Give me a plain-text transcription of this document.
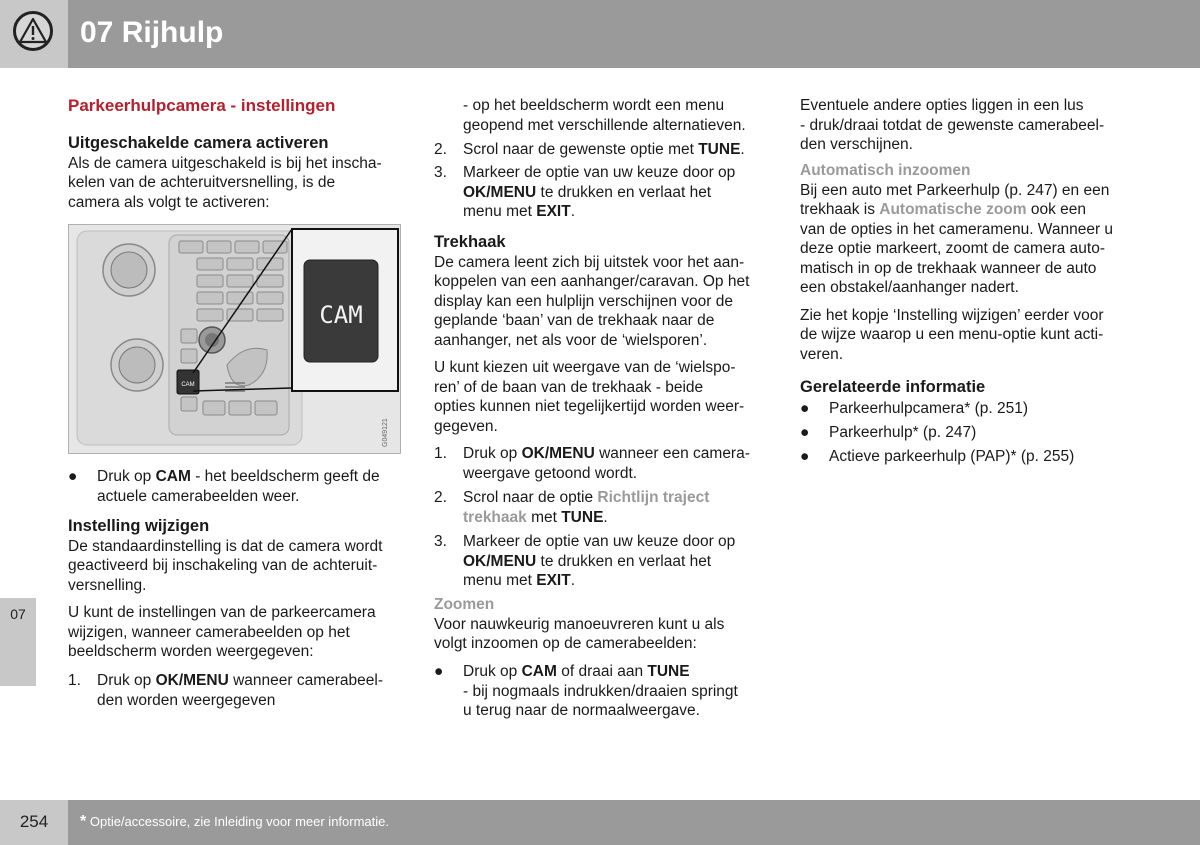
07 Rijhulp
07
254	* Optie/accessoire, zie Inleiding voor meer informatie.
Parkeerhulpcamera - instellingen
Uitgeschakelde camera activeren

Als de camera uitgeschakeld is bij het inscha-

kelen van de achteruitversnelling, is de

camera als volgt te activeren:

CAM
CAM
G049121
● Druk op CAM - het beeldscherm geeft de
actuele camerabeelden weer.
Instelling wijzigen

De standaardinstelling is dat de camera wordt

geactiveerd bij inschakeling van de achteruit-

versnelling.

U kunt de instellingen van de parkeercamera

wijzigen, wanneer camerabeelden op het

beeldscherm worden weergegeven:

1. Druk op OK/MENU wanneer camerabeel-
den worden weergegeven

- op het beeldscherm wordt een menu

geopend met verschillende alternatieven.

2. Scrol naar de gewenste optie met TUNE.
3. Markeer de optie van uw keuze door op
OK/MENU te drukken en verlaat het
menu met EXIT.
Trekhaak

De camera leent zich bij uitstek voor het aan-

koppelen van een aanhanger/caravan. Op het

display kan een hulplijn verschijnen voor de

geplande ‘baan’ van de trekhaak naar de

aanhanger, net als voor de ‘wielsporen’.

U kunt kiezen uit weergave van de ‘wielspo-

ren’ of de baan van de trekhaak - beide

opties kunnen niet tegelijkertijd worden weer-

gegeven.

1. Druk op OK/MENU wanneer een camera-
weergave getoond wordt.
2. Scrol naar de optie Richtlijn traject
trekhaak met TUNE.
3. Markeer de optie van uw keuze door op
OK/MENU te drukken en verlaat het
menu met EXIT.
Zoomen

Voor nauwkeurig manoeuvreren kunt u als

volgt inzoomen op de camerabeelden:

● Druk op CAM of draai aan TUNE
- bij nogmaals indrukken/draaien springt
u terug naar de normaalweergave.

Eventuele andere opties liggen in een lus

- druk/draai totdat de gewenste camerabeel-

den verschijnen.

Automatisch inzoomen

Bij een auto met Parkeerhulp (p. 247) en een

trekhaak is Automatische zoom ook een

van de opties in het cameramenu. Wanneer u

deze optie markeert, zoomt de camera auto-

matisch in op de trekhaak wanneer de auto

een obstakel/aanhanger nadert.

Zie het kopje ‘Instelling wijzigen’ eerder voor

de wijze waarop u een menu-optie kunt acti-

veren.

Gerelateerde informatie
● Parkeerhulpcamera* (p. 251)
● Parkeerhulp* (p. 247)
● Actieve parkeerhulp (PAP)* (p. 255)
